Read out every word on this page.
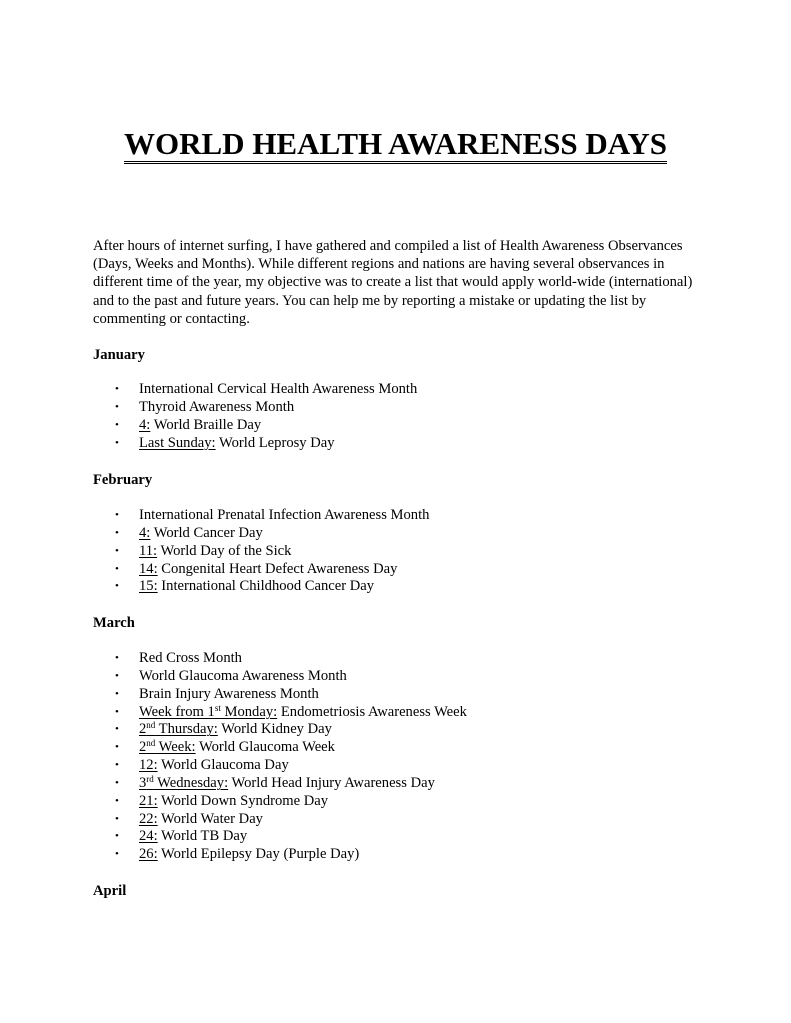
WORLD HEALTH AWARENESS DAYS

After hours of internet surfing, I have gathered and compiled a list of Health Awareness Observances (Days, Weeks and Months). While different regions and nations are having several observances in different time of the year, my objective was to create a list that would apply world-wide (international) and to the past and future years. You can help me by reporting a mistake or updating the list by commenting or contacting.

January

• International Cervical Health Awareness Month
• Thyroid Awareness Month
• 4: World Braille Day
• Last Sunday: World Leprosy Day

February

• International Prenatal Infection Awareness Month
• 4: World Cancer Day
• 11: World Day of the Sick
• 14: Congenital Heart Defect Awareness Day
• 15: International Childhood Cancer Day

March

• Red Cross Month
• World Glaucoma Awareness Month
• Brain Injury Awareness Month
• Week from 1st Monday: Endometriosis Awareness Week
• 2nd Thursday: World Kidney Day
• 2nd Week: World Glaucoma Week
• 12: World Glaucoma Day
• 3rd Wednesday: World Head Injury Awareness Day
• 21: World Down Syndrome Day
• 22: World Water Day
• 24: World TB Day
• 26: World Epilepsy Day (Purple Day)

April
